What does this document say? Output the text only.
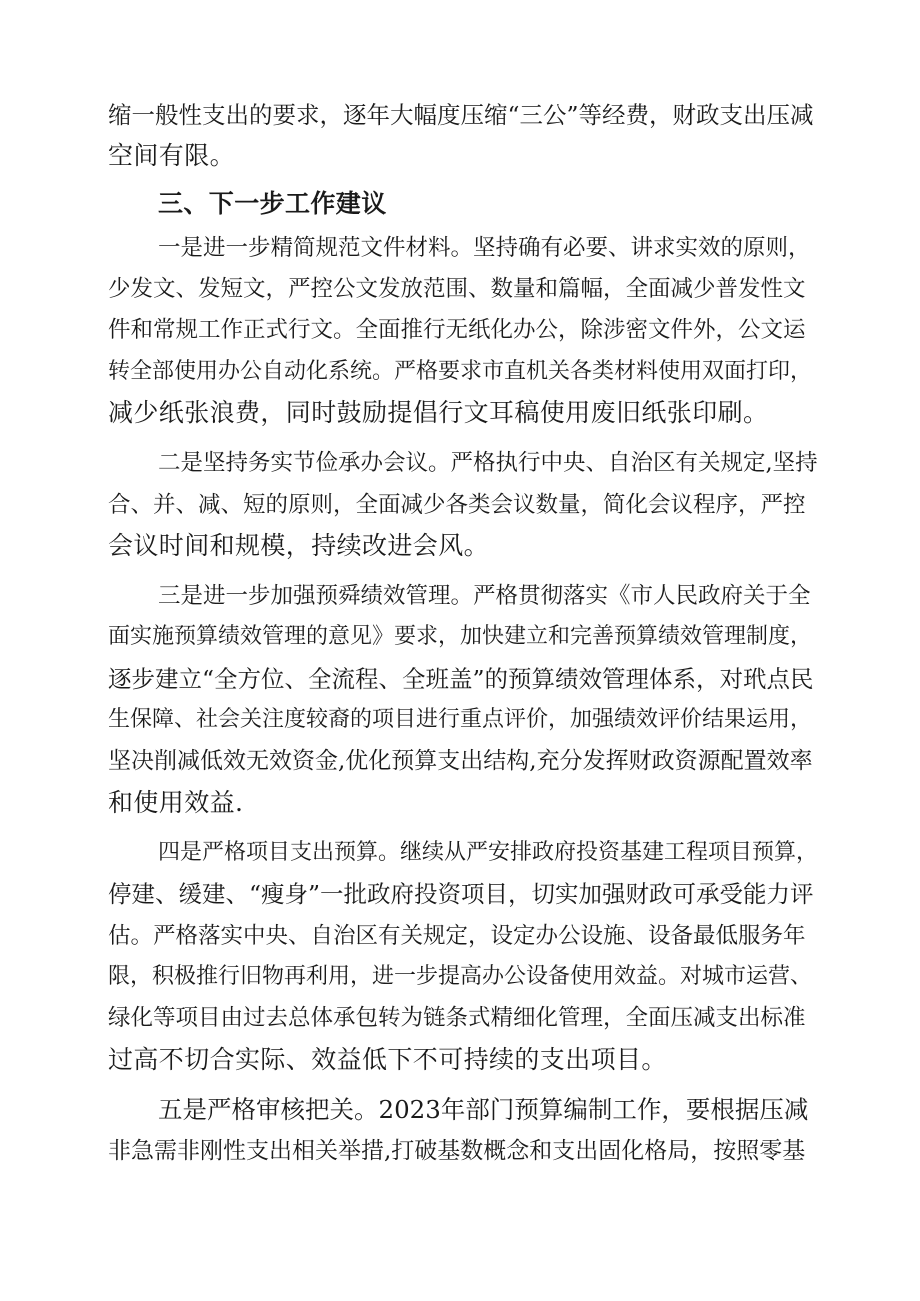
缩一般性支出的要求，逐年大幅度压缩“三公”等经费，财政支出压减
空间有限。
三、下一步工作建议
一是进一步精简规范文件材料。坚持确有必要、讲求实效的原则，
少发文、发短文，严控公文发放范围、数量和篇幅，全面减少普发性文
件和常规工作正式行文。全面推行无纸化办公，除涉密文件外，公文运
转全部使用办公自动化系统。严格要求市直机关各类材料使用双面打印，
减少纸张浪费，同时鼓励提倡行文耳稿使用废旧纸张印刷。
二是坚持务实节俭承办会议。严格执行中央、自治区有关规定,坚持
合、并、减、短的原则，全面减少各类会议数量，简化会议程序，严控
会议时间和规模，持续改进会风。
三是进一步加强预舜绩效管理。严格贯彻落实《市人民政府关于全
面实施预算绩效管理的意见》要求，加快建立和完善预算绩效管理制度，
逐步建立“全方位、全流程、全班盖”的预算绩效管理体系，对玳点民
生保障、社会关注度较裔的项目进行重点评价，加强绩效评价结果运用，
坚决削减低效无效资金,优化预算支出结构,充分发挥财政资源配置效率
和使用效益.
四是严格项目支出预算。继续从严安排政府投资基建工程项目预算，
停建、缓建、“瘦身”一批政府投资项目，切实加强财政可承受能力评
估。严格落实中央、自治区有关规定，设定办公设施、设备最低服务年
限，积极推行旧物再利用，进一步提高办公设备使用效益。对城市运营、
绿化等项目由过去总体承包转为链条式精细化管理，全面压减支出标准
过高不切合实际、效益低下不可持续的支出项目。
五是严格审核把关。2023年部门预算编制工作，要根据压减
非急需非刚性支出相关举措,打破基数概念和支出固化格局，按照零基
